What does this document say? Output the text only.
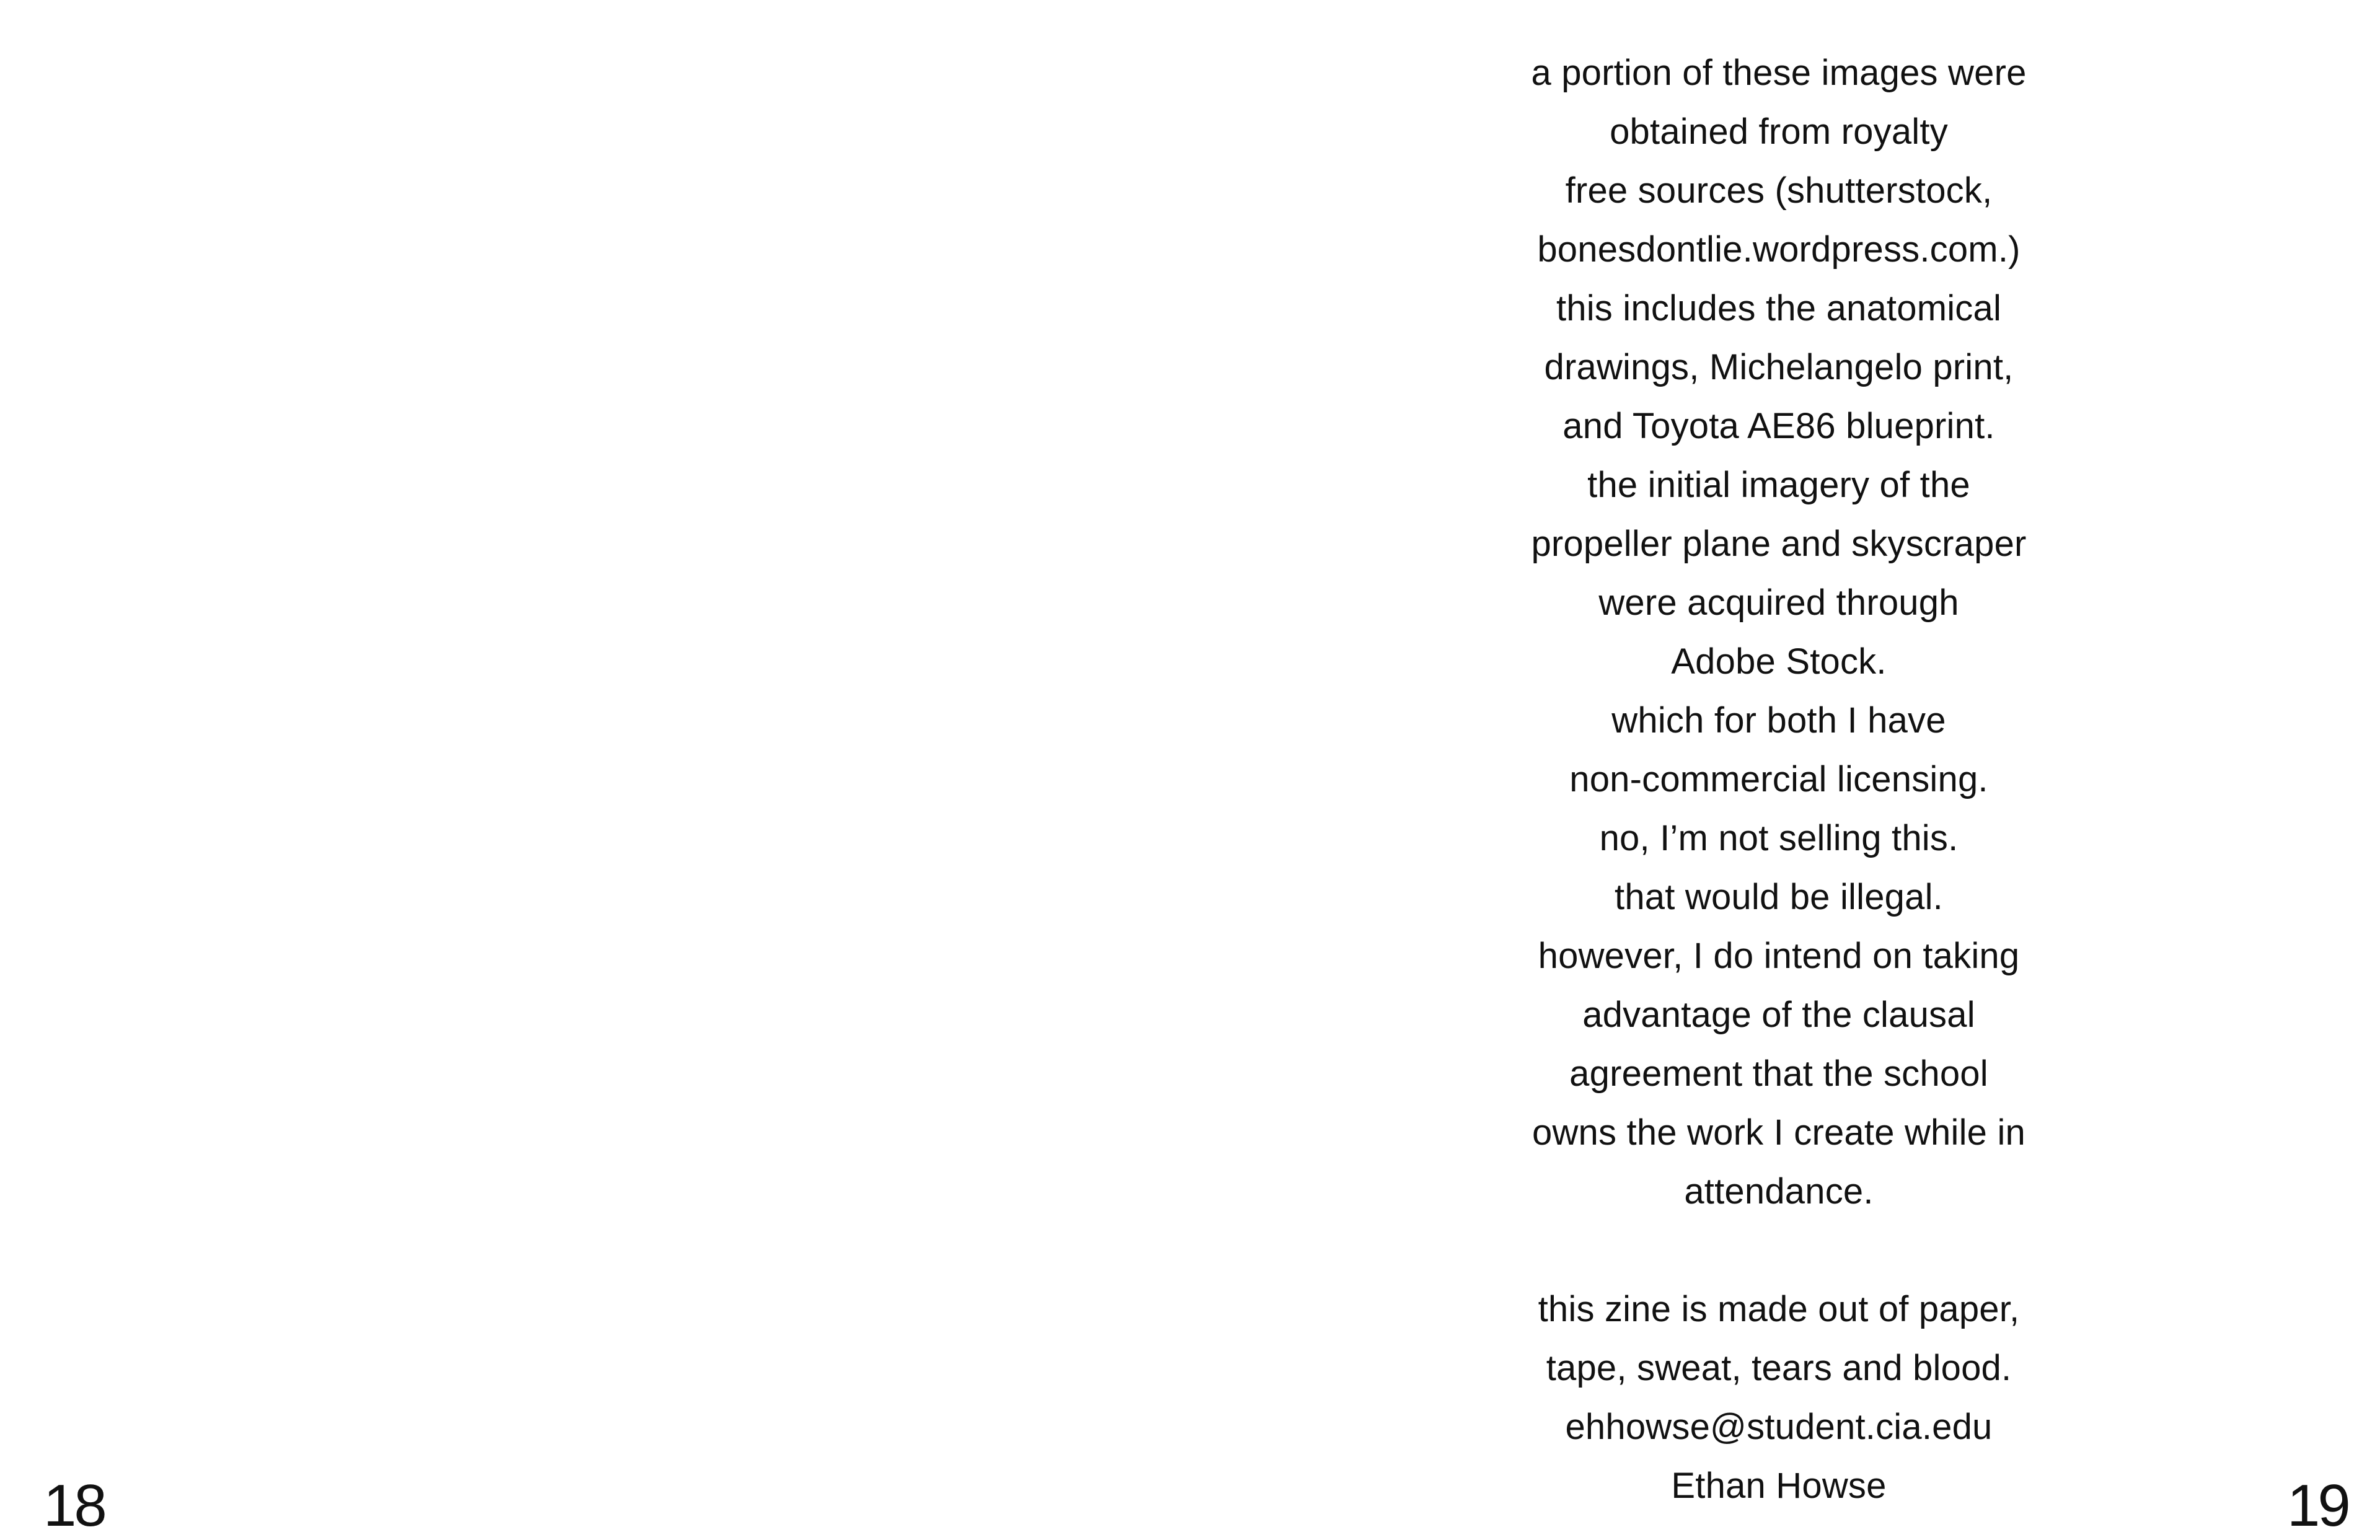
18
a portion of these images were
obtained from royalty
free sources (shutterstock,
bonesdontlie.wordpress.com.)
this includes the anatomical
drawings, Michelangelo print,
and Toyota AE86 blueprint.
the initial imagery of the
propeller plane and skyscraper
were acquired through
Adobe Stock.
which for both I have
non-commercial licensing.
no, I’m not selling this.
that would be illegal.
however, I do intend on taking
advantage of the clausal
agreement that the school
owns the work I create while in
attendance.
this zine is made out of paper,
tape, sweat, tears and blood.
ehhowse@student.cia.edu
Ethan Howse	19
